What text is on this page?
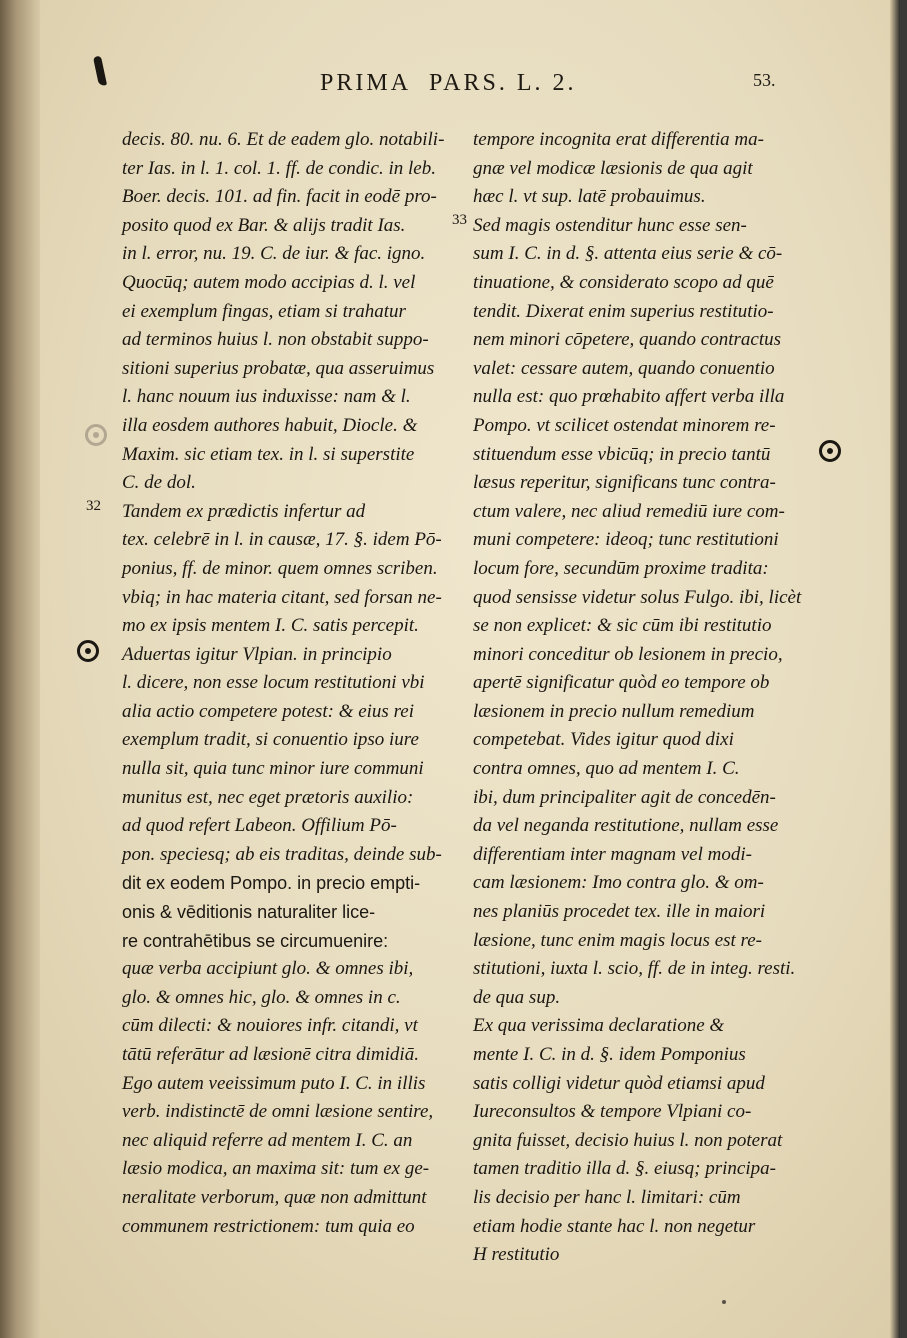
PRIMA PARS. L. 2.	53.
32
33
decis. 80. nu. 6. Et de eadem glo. notabili-
ter Ias. in l. 1. col. 1. ff. de condic. in leb.
Boer. decis. 101. ad fin. facit in eodē pro-
posito quod ex Bar. & alijs tradit Ias.
in l. error, nu. 19. C. de iur. & fac. igno.
Quocūq; autem modo accipias d. l. vel
ei exemplum fingas, etiam si trahatur
ad terminos huius l. non obstabit suppo-
sitioni superius probatæ, qua asseruimus
l. hanc nouum ius induxisse: nam & l.
illa eosdem authores habuit, Diocle. &
Maxim. sic etiam tex. in l. si superstite
C. de dol.
Tandem ex prædictis infertur ad
tex. celebrē in l. in causæ, 17. §. idem Pō-
ponius, ff. de minor. quem omnes scriben.
vbiq; in hac materia citant, sed forsan ne-
mo ex ipsis mentem I. C. satis percepit.
Aduertas igitur Vlpian. in principio
l. dicere, non esse locum restitutioni vbi
alia actio competere potest: & eius rei
exemplum tradit, si conuentio ipso iure
nulla sit, quia tunc minor iure communi
munitus est, nec eget prætoris auxilio:
ad quod refert Labeon. Offilium Pō-
pon. speciesq; ab eis traditas, deinde sub-
dit ex eodem Pompo. in precio empti-
onis & vēditionis naturaliter lice-
re contrahētibus se circumuenire:
quæ verba accipiunt glo. & omnes ibi,
glo. & omnes hic, glo. & omnes in c.
cūm dilecti: & nouiores infr. citandi, vt
tātū referātur ad læsionē citra dimidiā.
Ego autem veeissimum puto I. C. in illis
verb. indistinctē de omni læsione sentire,
nec aliquid referre ad mentem I. C. an
læsio modica, an maxima sit: tum ex ge-
neralitate verborum, quæ non admittunt
communem restrictionem: tum quia eo
tempore incognita erat differentia ma-
gnæ vel modicæ læsionis de qua agit
hæc l. vt sup. latē probauimus.
Sed magis ostenditur hunc esse sen-
sum I. C. in d. §. attenta eius serie & cō-
tinuatione, & considerato scopo ad quē
tendit. Dixerat enim superius restitutio-
nem minori cōpetere, quando contractus
valet: cessare autem, quando conuentio
nulla est: quo prœhabito affert verba illa
Pompo. vt scilicet ostendat minorem re-
stituendum esse vbicūq; in precio tantū
læsus reperitur, significans tunc contra-
ctum valere, nec aliud remediū iure com-
muni competere: ideoq; tunc restitutioni
locum fore, secundūm proxime tradita:
quod sensisse videtur solus Fulgo. ibi, licèt
se non explicet: & sic cūm ibi restitutio
minori conceditur ob lesionem in precio,
apertē significatur quòd eo tempore ob
læsionem in precio nullum remedium
competebat. Vides igitur quod dixi
contra omnes, quo ad mentem I. C.
ibi, dum principaliter agit de concedēn-
da vel neganda restitutione, nullam esse
differentiam inter magnam vel modi-
cam læsionem: Imo contra glo. & om-
nes planiūs procedet tex. ille in maiori
læsione, tunc enim magis locus est re-
stitutioni, iuxta l. scio, ff. de in integ. resti.
de qua sup.
Ex qua verissima declaratione &
mente I. C. in d. §. idem Pomponius
satis colligi videtur quòd etiamsi apud
Iureconsultos & tempore Vlpiani co-
gnita fuisset, decisio huius l. non poterat
tamen traditio illa d. §. eiusq; principa-
lis decisio per hanc l. limitari: cūm
etiam hodie stante hac l. non negetur
H restitutio
